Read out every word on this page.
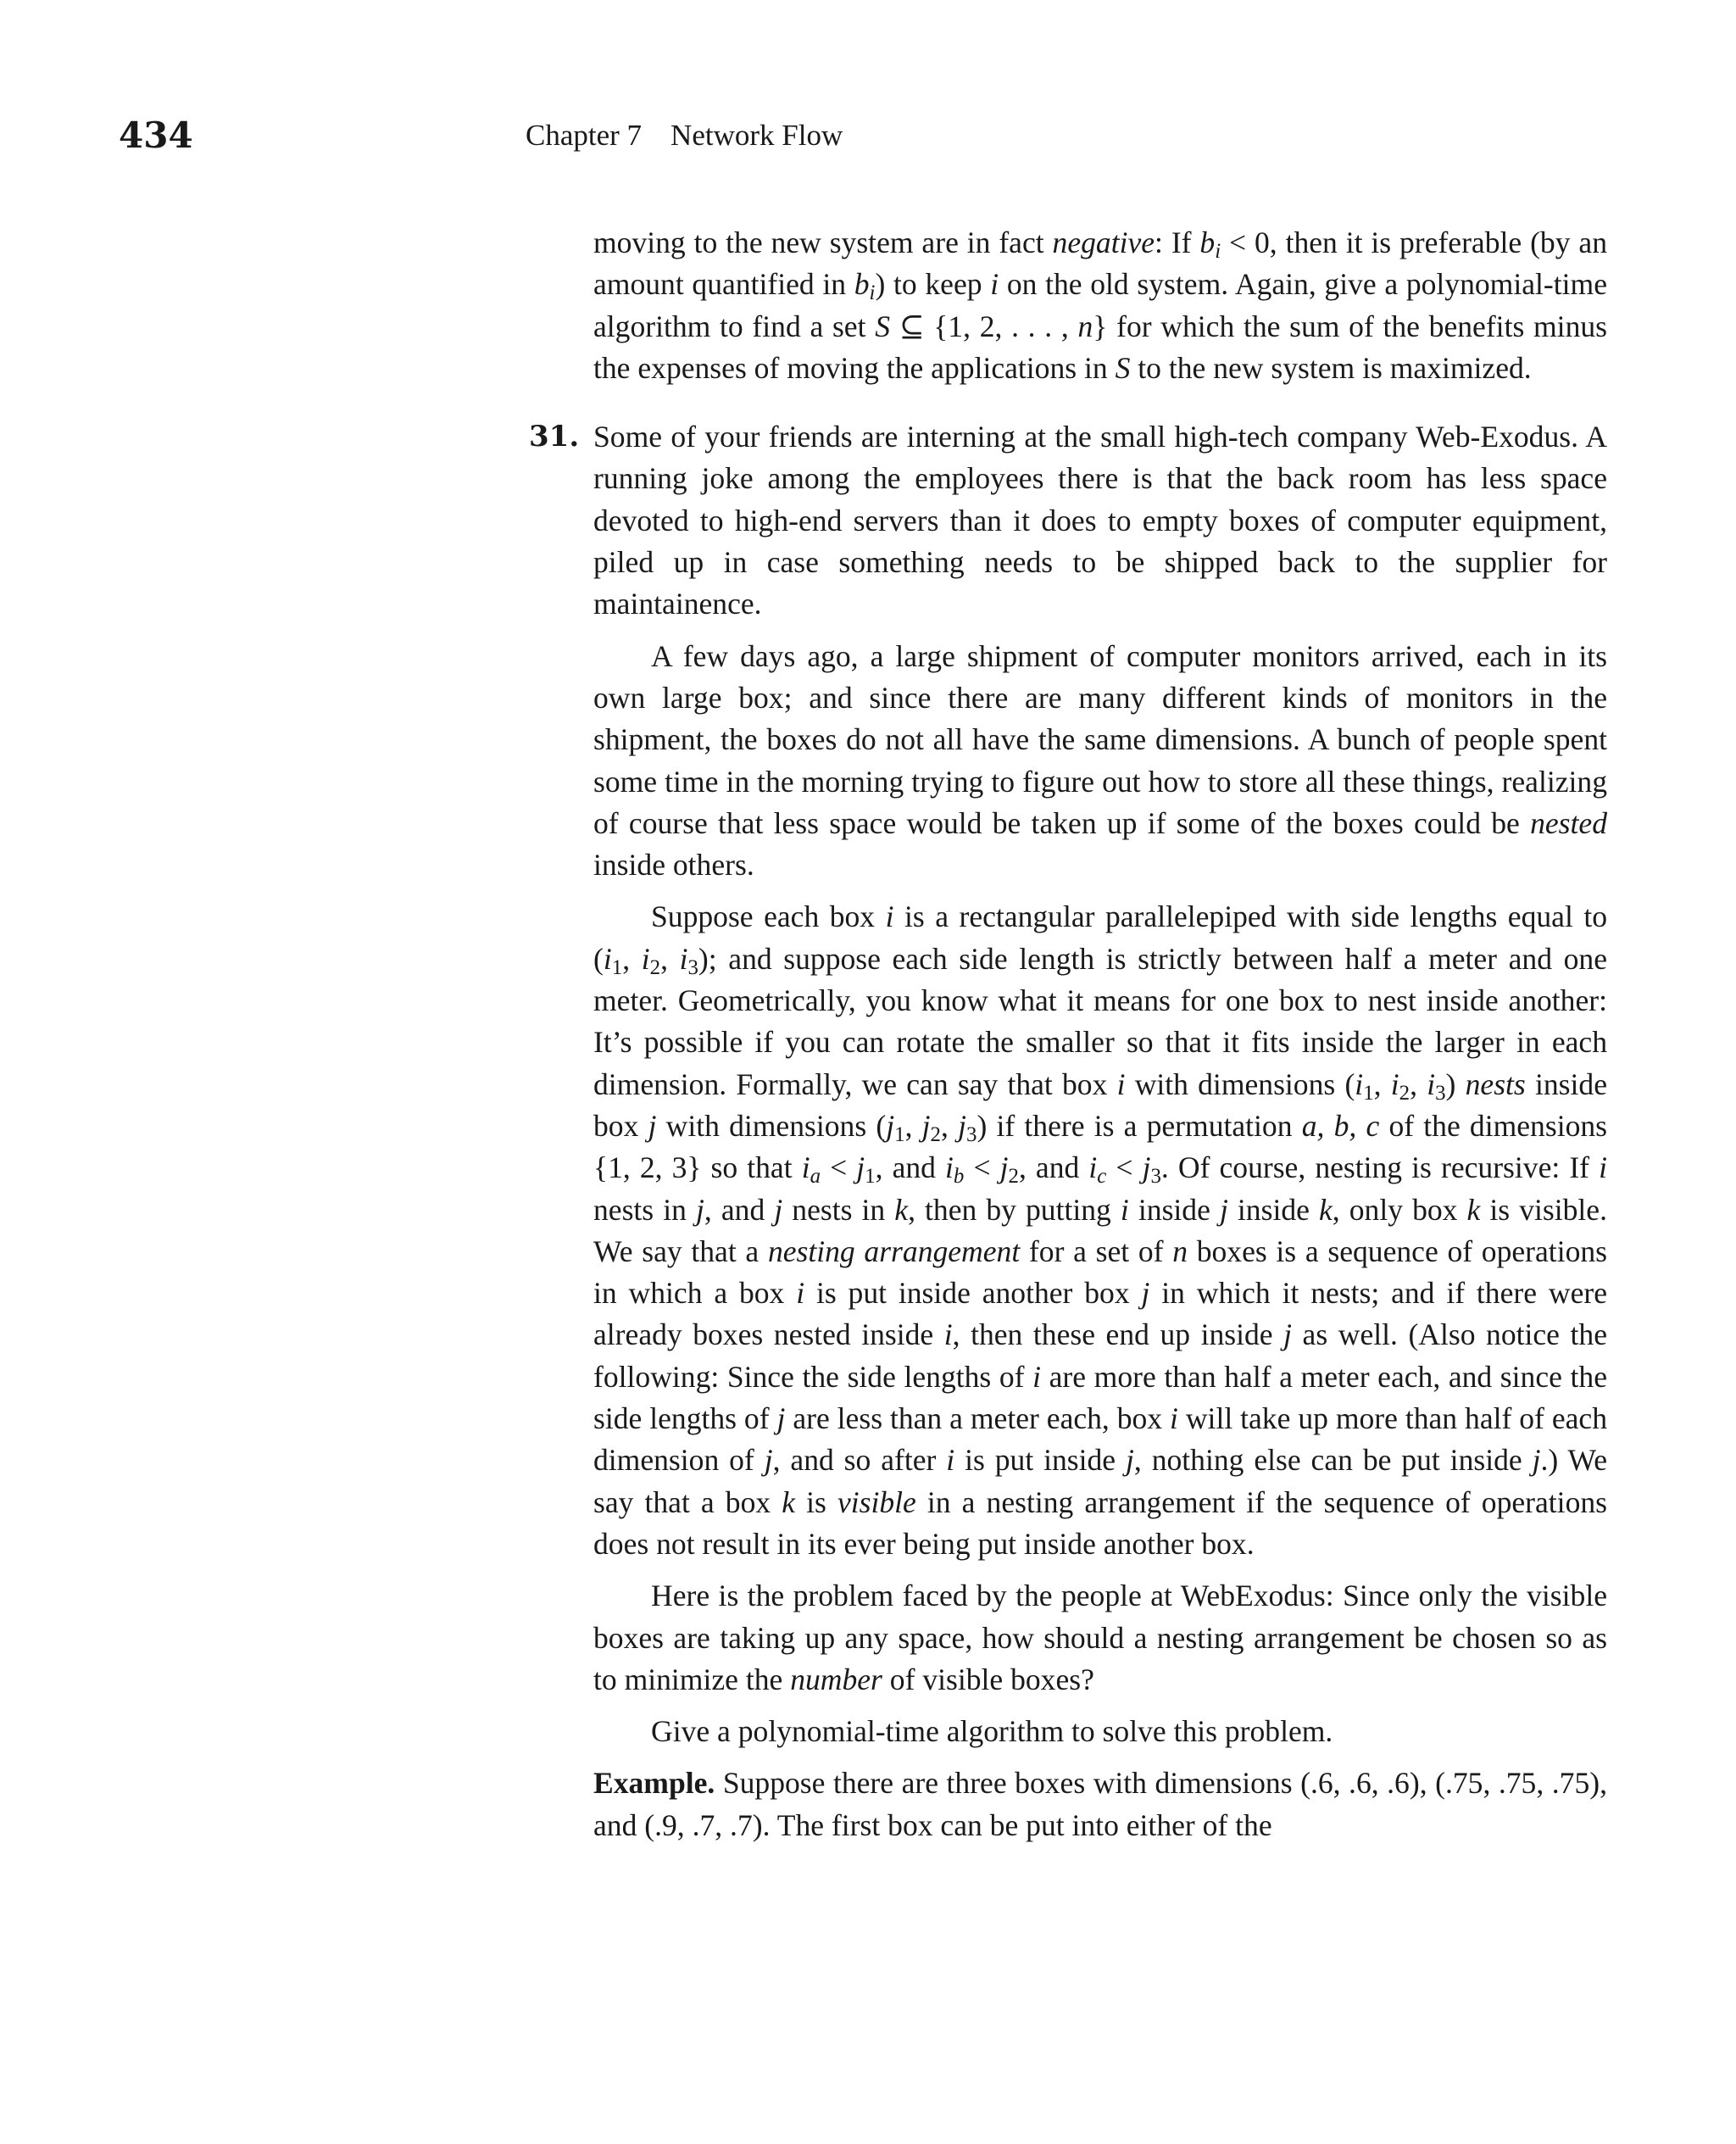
434	Chapter 7 Network Flow

moving to the new system are in fact negative: If $b_i < 0$, then it is preferable (by an amount quantified in $b_i$) to keep i on the old system. Again, give a polynomial-time algorithm to find a set S ⊆ {1, 2, . . . , n} for which the sum of the benefits minus the expenses of moving the applications in S to the new system is maximized.

31. Some of your friends are interning at the small high-tech company Web-Exodus. A running joke among the employees there is that the back room has less space devoted to high-end servers than it does to empty boxes of computer equipment, piled up in case something needs to be shipped back to the supplier for maintainence.

A few days ago, a large shipment of computer monitors arrived, each in its own large box; and since there are many different kinds of monitors in the shipment, the boxes do not all have the same dimensions. A bunch of people spent some time in the morning trying to figure out how to store all these things, realizing of course that less space would be taken up if some of the boxes could be nested inside others.

Suppose each box i is a rectangular parallelepiped with side lengths equal to ($i_1$, $i_2$, $i_3$); and suppose each side length is strictly between half a meter and one meter. Geometrically, you know what it means for one box to nest inside another: It’s possible if you can rotate the smaller so that it fits inside the larger in each dimension. Formally, we can say that box i with dimensions ($i_1$, $i_2$, $i_3$) nests inside box j with dimensions ($j_1$, $j_2$, $j_3$) if there is a permutation a, b, c of the dimensions {1, 2, 3} so that $i_a < j_1$, and $i_b < j_2$, and $i_c < j_3$. Of course, nesting is recursive: If i nests in j, and j nests in k, then by putting i inside j inside k, only box k is visible. We say that a nesting arrangement for a set of n boxes is a sequence of operations in which a box i is put inside another box j in which it nests; and if there were already boxes nested inside i, then these end up inside j as well. (Also notice the following: Since the side lengths of i are more than half a meter each, and since the side lengths of j are less than a meter each, box i will take up more than half of each dimension of j, and so after i is put inside j, nothing else can be put inside j.) We say that a box k is visible in a nesting arrangement if the sequence of operations does not result in its ever being put inside another box.

Here is the problem faced by the people at WebExodus: Since only the visible boxes are taking up any space, how should a nesting arrangement be chosen so as to minimize the number of visible boxes?

Give a polynomial-time algorithm to solve this problem.

Example. Suppose there are three boxes with dimensions (.6, .6, .6), (.75, .75, .75), and (.9, .7, .7). The first box can be put into either of the
